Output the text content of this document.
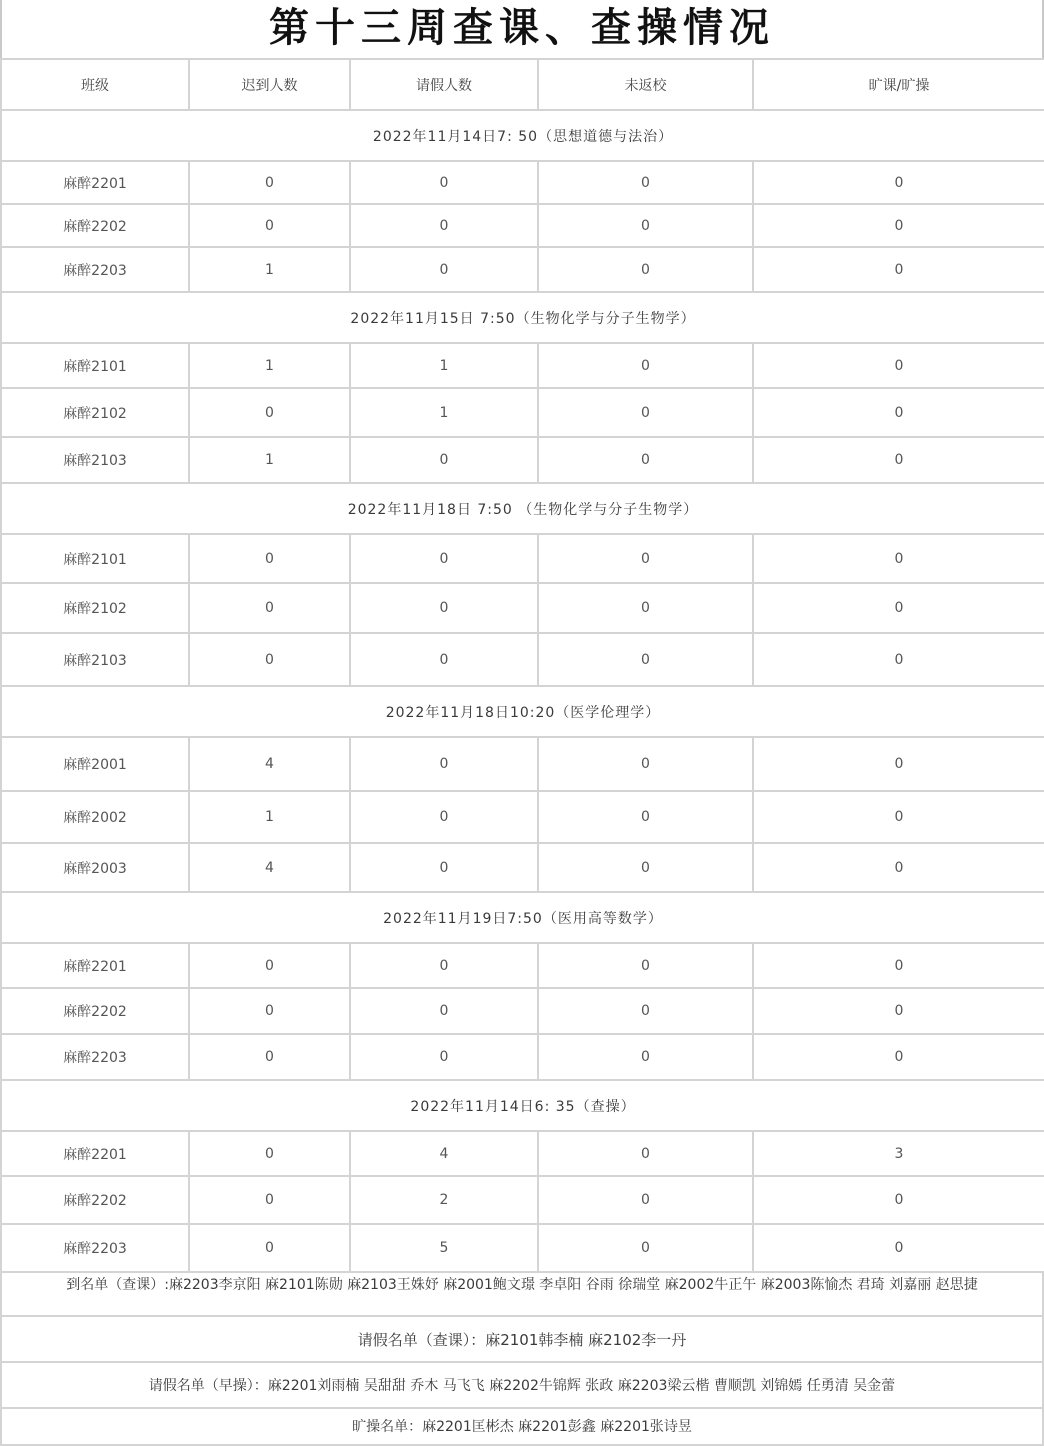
第十三周查课、查操情况
班级	迟到人数	请假人数	未返校	旷课/旷操
2022年11月14日7: 50（思想道德与法治）				
麻醉2201	0	0	0	0
麻醉2202	0	0	0	0
麻醉2203	1	0	0	0
2022年11月15日 7:50（生物化学与分子生物学）				
麻醉2101	1	1	0	0
麻醉2102	0	1	0	0
麻醉2103	1	0	0	0
2022年11月18日 7:50 （生物化学与分子生物学）				
麻醉2101	0	0	0	0
麻醉2102	0	0	0	0
麻醉2103	0	0	0	0
2022年11月18日10:20（医学伦理学）				
麻醉2001	4	0	0	0
麻醉2002	1	0	0	0
麻醉2003	4	0	0	0
2022年11月19日7:50（医用高等数学）				
麻醉2201	0	0	0	0
麻醉2202	0	0	0	0
麻醉2203	0	0	0	0
2022年11月14日6: 35（查操）				
麻醉2201	0	4	0	3
麻醉2202	0	2	0	0
麻醉2203	0	5	0	0
到名单（查课）:麻2203李京阳 麻2101陈勋 麻2103王姝妤 麻2001鲍文璟 李卓阳 谷雨 徐瑞堂 麻2002牛正午 麻2003陈愉杰 君琦 刘嘉丽 赵思捷
请假名单（查课）：麻2101韩李楠 麻2102李一丹
请假名单（早操）：麻2201刘雨楠 吴甜甜 乔木 马飞飞 麻2202牛锦辉 张政 麻2203梁云楷 曹顺凯 刘锦嫣 任勇清 吴金蕾
旷操名单：麻2201匡彬杰 麻2201彭鑫 麻2201张诗昱
